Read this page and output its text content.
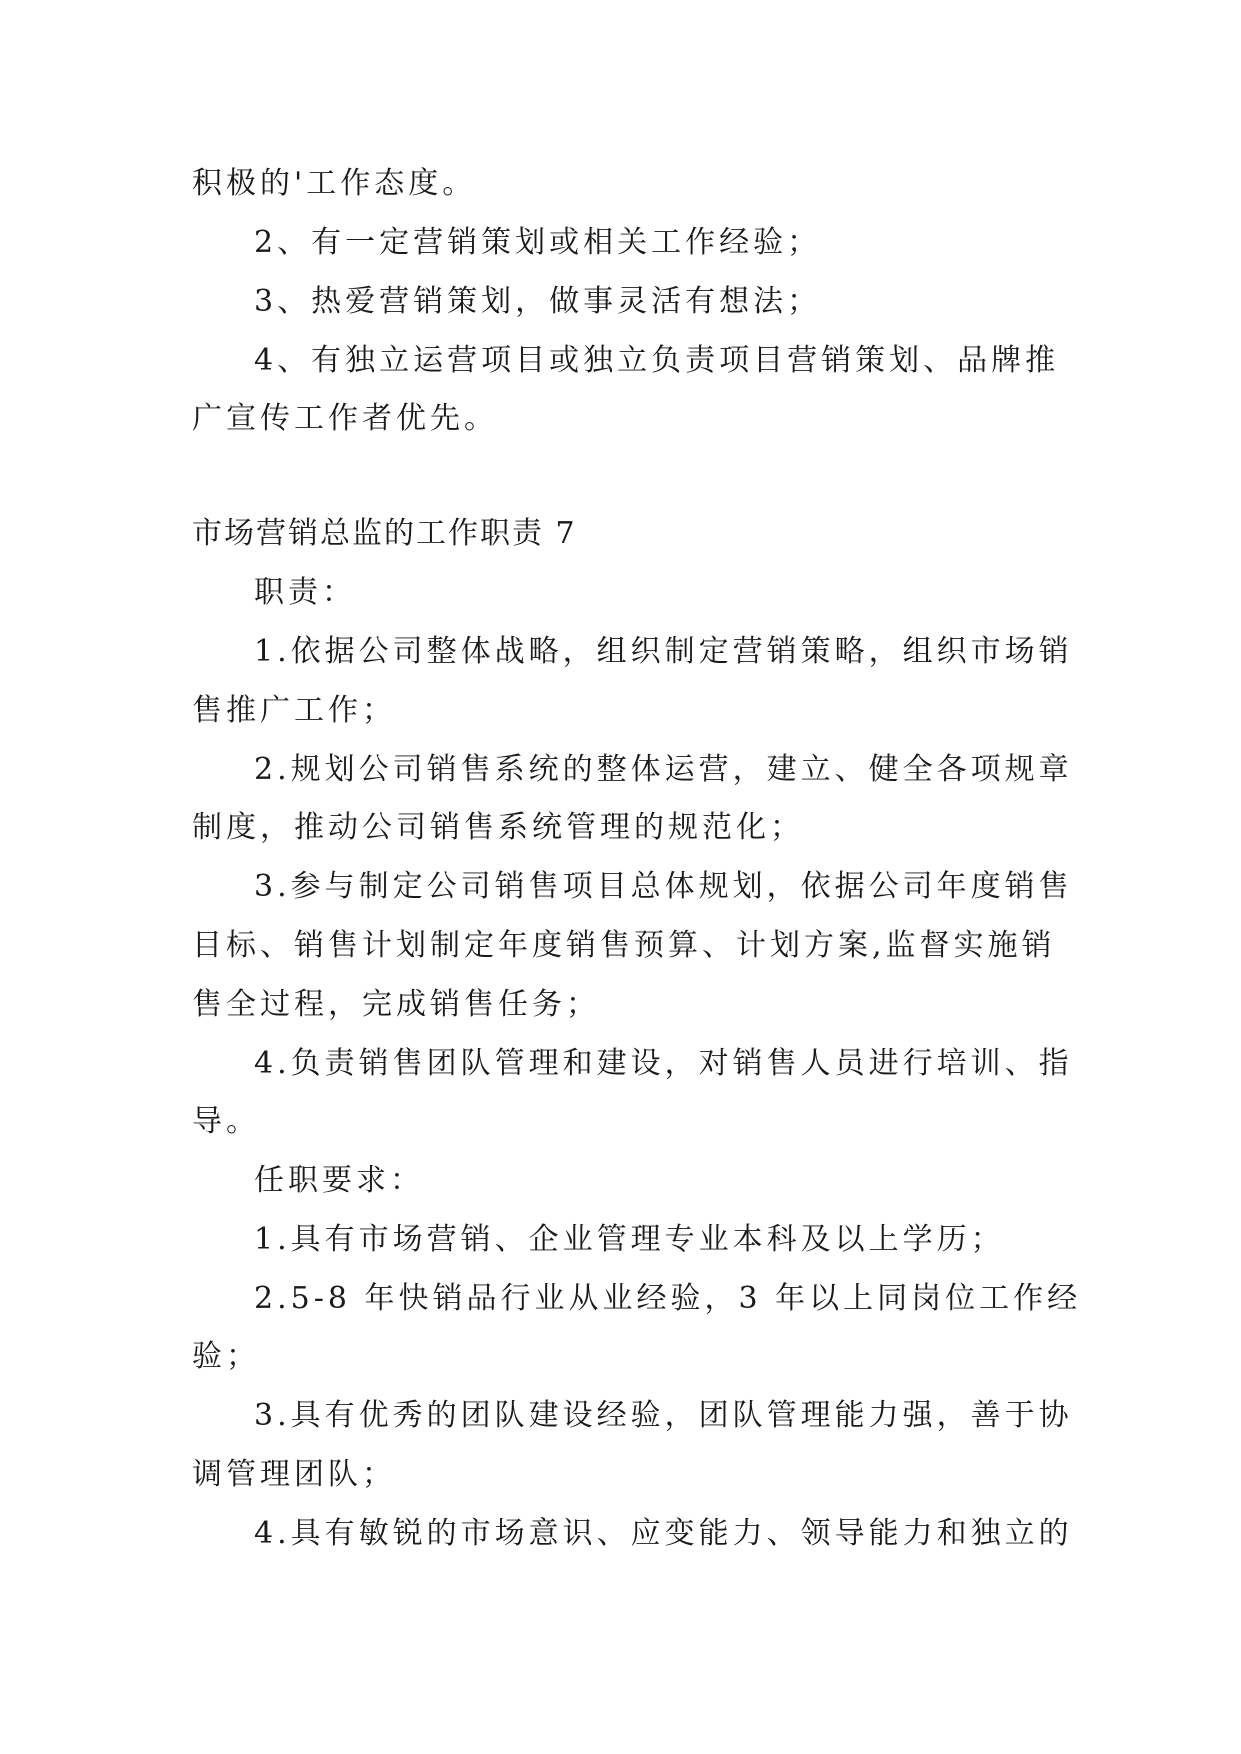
积极的'工作态度。
2、有一定营销策划或相关工作经验；
3、热爱营销策划，做事灵活有想法；
4、有独立运营项目或独立负责项目营销策划、品牌推
广宣传工作者优先。
市场营销总监的工作职责 7
职责：
1.依据公司整体战略，组织制定营销策略，组织市场销
售推广工作；
2.规划公司销售系统的整体运营，建立、健全各项规章
制度，推动公司销售系统管理的规范化；
3.参与制定公司销售项目总体规划，依据公司年度销售
目标、销售计划制定年度销售预算、计划方案,监督实施销
售全过程，完成销售任务；
4.负责销售团队管理和建设，对销售人员进行培训、指
导。
任职要求：
1.具有市场营销、企业管理专业本科及以上学历；
2.5-8 年快销品行业从业经验，3 年以上同岗位工作经
验；
3.具有优秀的团队建设经验，团队管理能力强，善于协
调管理团队；
4.具有敏锐的市场意识、应变能力、领导能力和独立的
